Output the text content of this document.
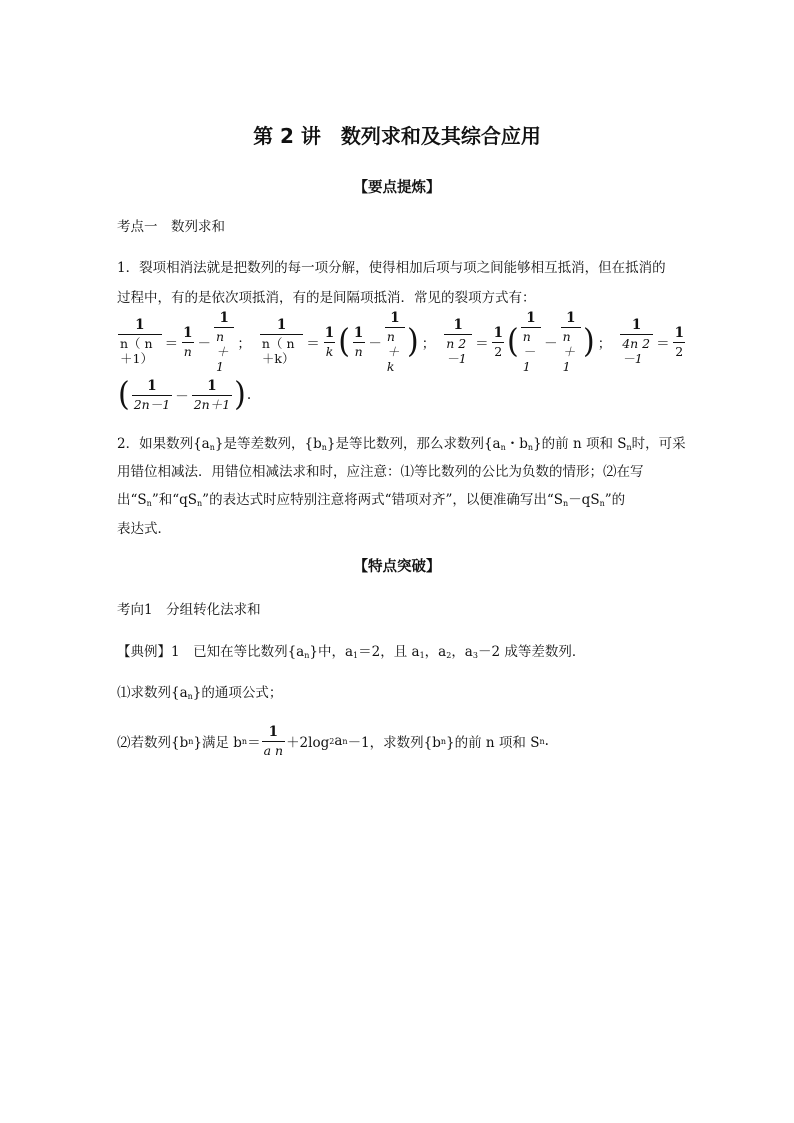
第 2 讲　数列求和及其综合应用
【要点提炼】
考点一　数列求和
1．裂项相消法就是把数列的每一项分解，使得相加后项与项之间能够相互抵消，但在抵消的
过程中，有的是依次项抵消，有的是间隔项抵消．常见的裂项方式有：
$\frac{1}{n( n+1)} = \frac{1}{n} - \frac{1}{n+1}$ ； $\frac{1}{n( n+k)} = \frac{1}{k}$ ( $\frac{1}{n} - \frac{1}{n+k}$ ) ； $\frac{1}{n 2-1} = \frac{1}{2}$ ( $\frac{1}{n-1} - \frac{1}{n+1}$ ) ； $\frac{1}{4n 2-1} = \frac{1}{2}$
( $\frac{1}{2n-1} - \frac{1}{2n+1}$ ) .
2．如果数列$\{a_n\}$是等差数列，$\{b_n\}$是等比数列，那么求数列{$a_n$・$b_n$}的前 n 项和 $S_n$时，可采
用错位相减法．用错位相减法求和时，应注意：⑴等比数列的公比为负数的情形；⑵在写
出“$S_n$”和“$qS_n$”的表达式时应特别注意将两式“错项对齐”，以便准确写出“$S_n-qS_n$”的
表达式．
【特点突破】
考向1　分组转化法求和
【典例】1　已知在等比数列$\{a_n\}$中，$a_1=2$，且 $a_1$，$a_2$，$a_3-2$ 成等差数列．
⑴求数列$\{a_n\}$的通项公式；
⑵若数列{b n }满足 b $n = \frac{1}{\text{a n}} +2\log$ 2 a n －1，求数列{b n }的前 n 项和 S n .
